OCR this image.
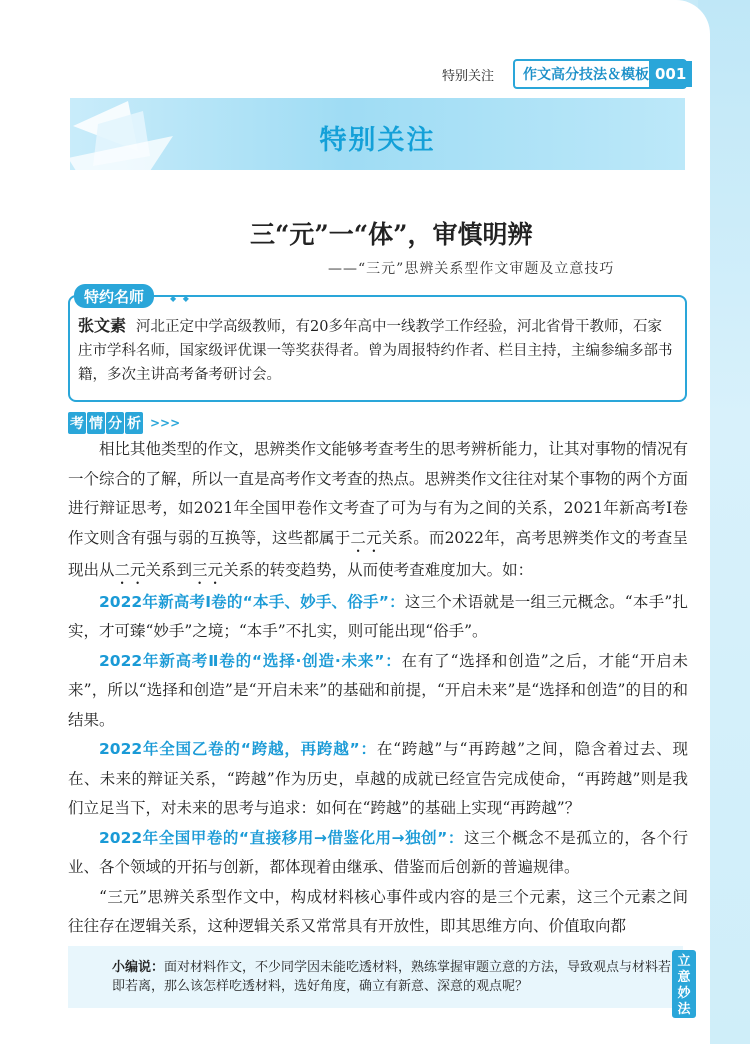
特别关注	作文高分技法＆模板 001
特别关注
三“元”一“体”，审慎明辨
——“三元”思辨关系型作文审题及立意技巧
特约名师	◆ ◆
张文素 河北正定中学高级教师，有20多年高中一线教学工作经验，河北省骨干教师，石家庄市学科名师，国家级评优课一等奖获得者。曾为周报特约作者、栏目主持，主编参编多部书籍，多次主讲高考备考研讨会。
考 情 分 析 >>>

相比其他类型的作文，思辨类作文能够考查考生的思考辨析能力，让其对事物的情况有一个综合的了解，所以一直是高考作文考查的热点。思辨类作文往往对某个事物的两个方面进行辩证思考，如2021年全国甲卷作文考查了可为与有为之间的关系，2021年新高考Ⅰ卷作文则含有强与弱的互换等，这些都属于二元关系。而2022年，高考思辨类作文的考查呈现出从二元关系到三元关系的转变趋势，从而使考查难度加大。如：

2022年新高考Ⅰ卷的“本手、妙手、俗手”：这三个术语就是一组三元概念。“本手”扎实，才可臻“妙手”之境；“本手”不扎实，则可能出现“俗手”。

2022年新高考Ⅱ卷的“选择·创造·未来”：在有了“选择和创造”之后，才能“开启未来”，所以“选择和创造”是“开启未来”的基础和前提，“开启未来”是“选择和创造”的目的和结果。

2022年全国乙卷的“跨越，再跨越”：在“跨越”与“再跨越”之间，隐含着过去、现在、未来的辩证关系，“跨越”作为历史，卓越的成就已经宣告完成使命，“再跨越”则是我们立足当下，对未来的思考与追求：如何在“跨越”的基础上实现“再跨越”？

2022年全国甲卷的“直接移用→借鉴化用→独创”：这三个概念不是孤立的，各个行业、各个领域的开拓与创新，都体现着由继承、借鉴而后创新的普遍规律。

“三元”思辨关系型作文中，构成材料核心事件或内容的是三个元素，这三个元素之间往往存在逻辑关系，这种逻辑关系又常常具有开放性，即其思维方向、价值取向都

小编说：面对材料作文，不少同学因未能吃透材料，熟练掌握审题立意的方法，导致观点与材料若即若离，那么该怎样吃透材料，选好角度，确立有新意、深意的观点呢？
立
意
妙
法
